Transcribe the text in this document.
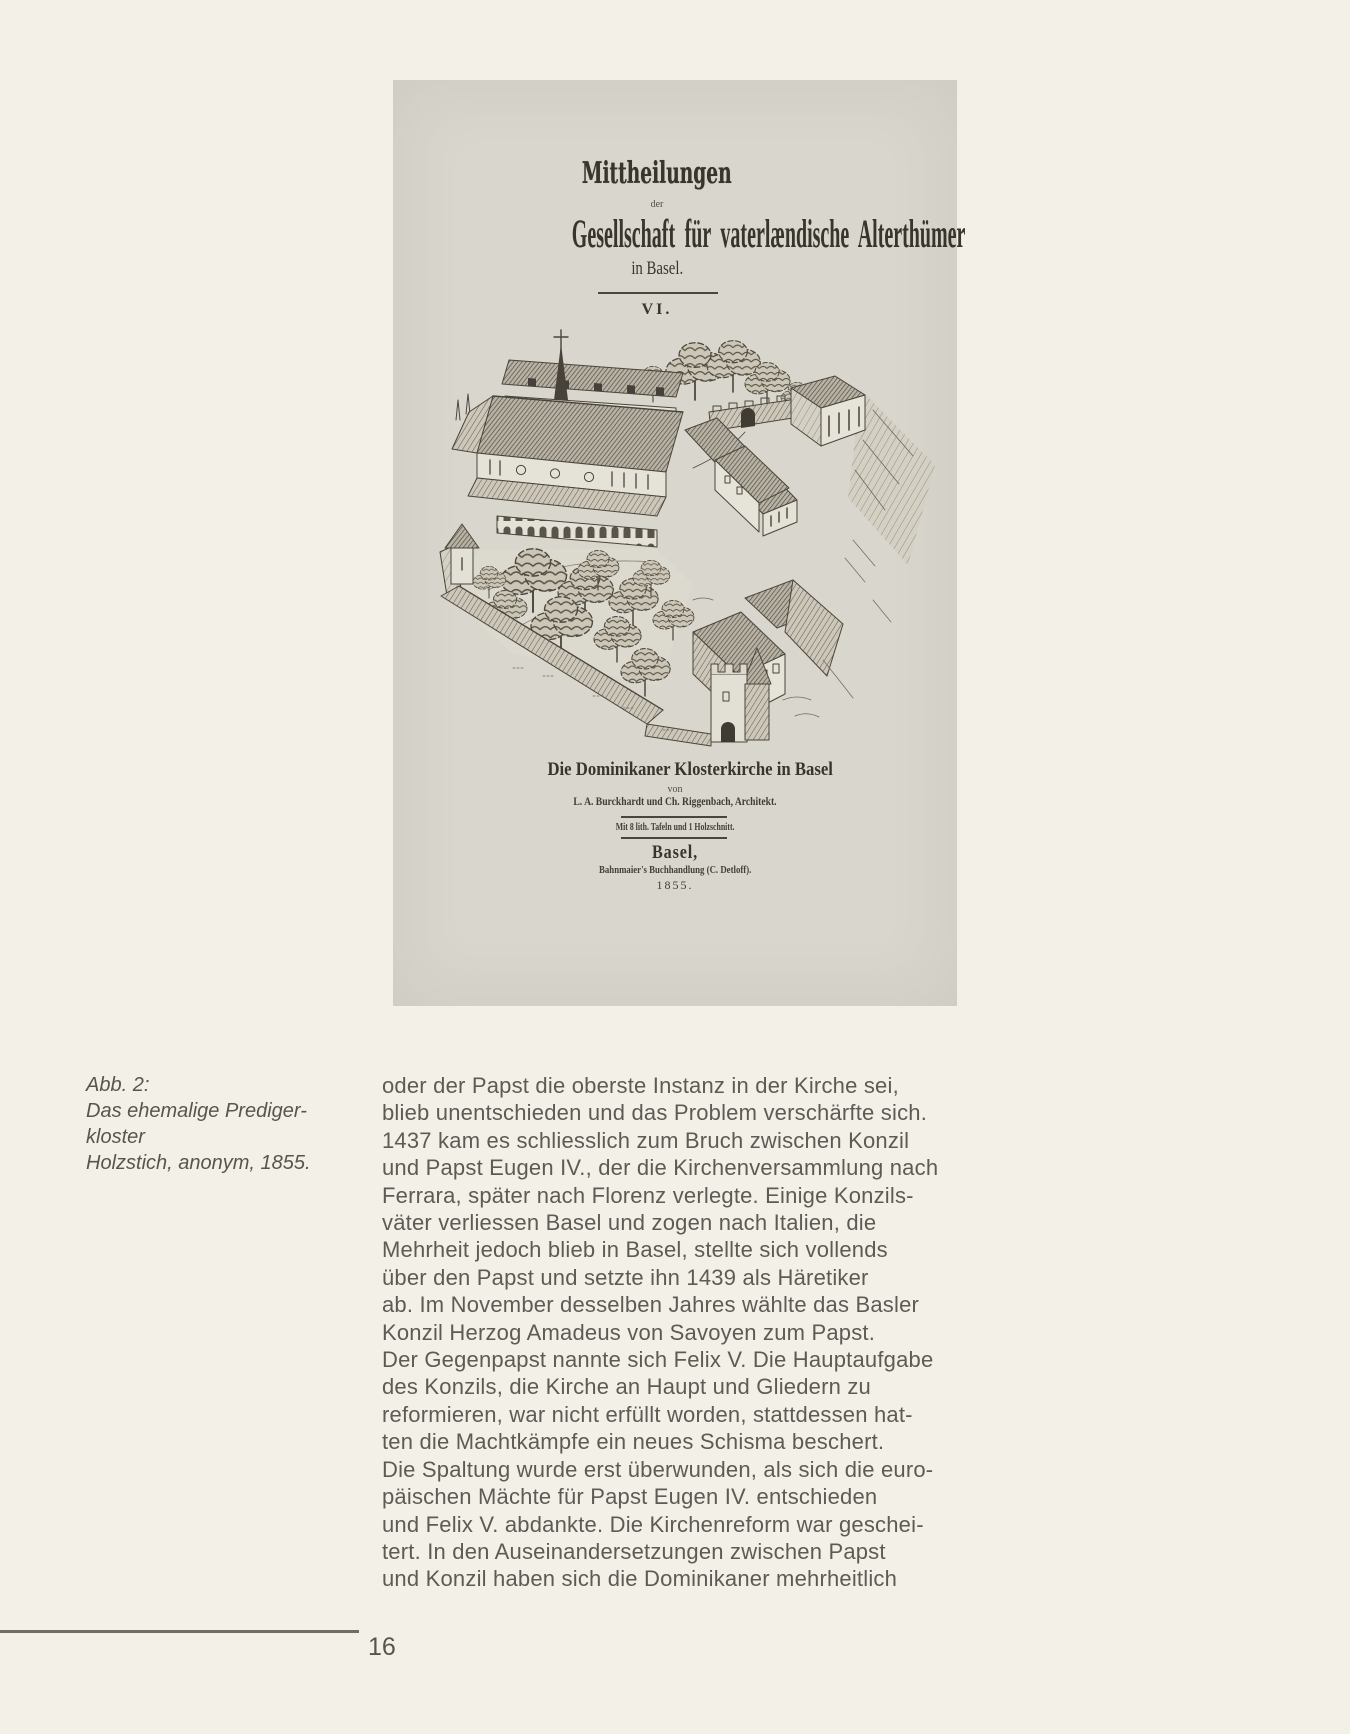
Mittheilungen
der
Gesellschaft für vaterlændische Alterthümer
in Basel.
VI.
Die Dominikaner Klosterkirche in Basel
von
L. A. Burckhardt und Ch. Riggenbach, Architekt.
Mit 8 lith. Tafeln und 1 Holzschnitt.
Basel,
Bahnmaier's Buchhandlung (C. Detloff).
1855.
Abb. 2:
Das ehemalige Prediger-
kloster
Holzstich, anonym, 1855.
oder der Papst die oberste Instanz in der Kirche sei,
blieb unentschieden und das Problem verschärfte sich.
1437 kam es schliesslich zum Bruch zwischen Konzil
und Papst Eugen IV., der die Kirchenversammlung nach
Ferrara, später nach Florenz verlegte. Einige Konzils-
väter verliessen Basel und zogen nach Italien, die
Mehrheit jedoch blieb in Basel, stellte sich vollends
über den Papst und setzte ihn 1439 als Häretiker
ab. Im November desselben Jahres wählte das Basler
Konzil Herzog Amadeus von Savoyen zum Papst.
Der Gegenpapst nannte sich Felix V. Die Hauptaufgabe
des Konzils, die Kirche an Haupt und Gliedern zu
reformieren, war nicht erfüllt worden, stattdessen hat-
ten die Machtkämpfe ein neues Schisma beschert.
Die Spaltung wurde erst überwunden, als sich die euro-
päischen Mächte für Papst Eugen IV. entschieden
und Felix V. abdankte. Die Kirchenreform war geschei-
tert. In den Auseinandersetzungen zwischen Papst
und Konzil haben sich die Dominikaner mehrheitlich
16
